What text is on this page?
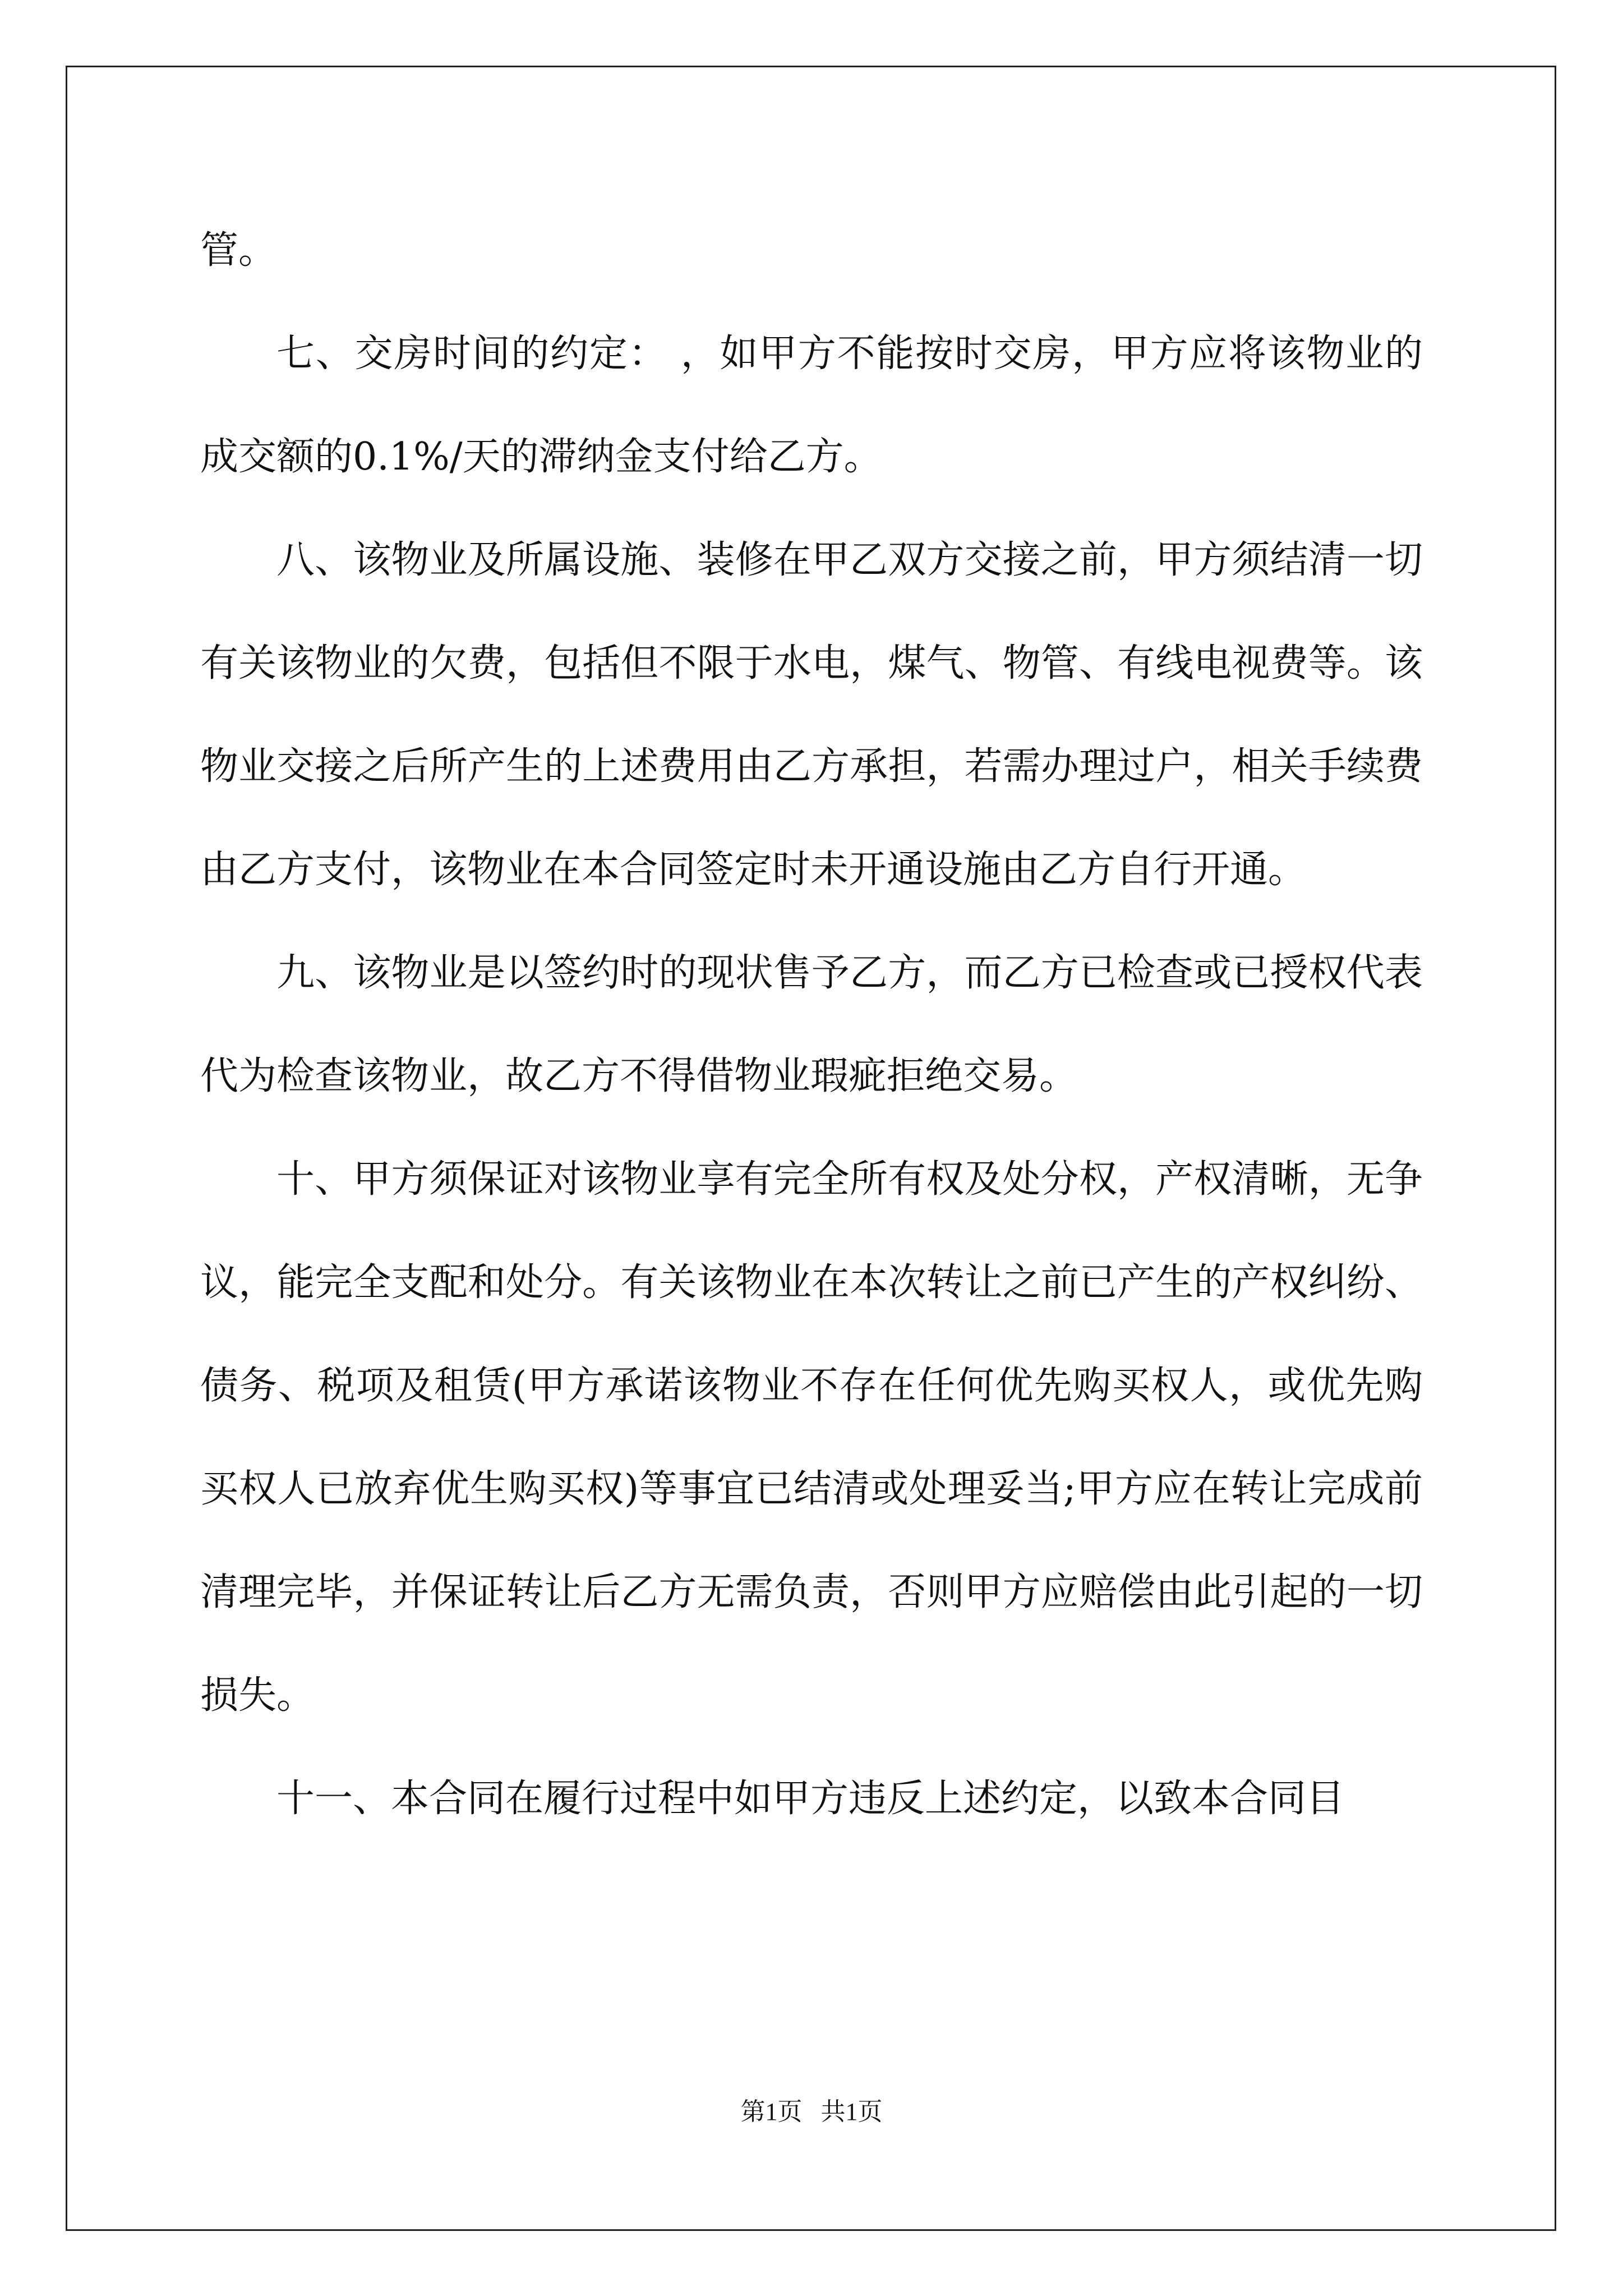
管。

七、交房时间的约定： ，如甲方不能按时交房，甲方应将该物业的成交额的0.1%/天的滞纳金支付给乙方。

八、该物业及所属设施、装修在甲乙双方交接之前，甲方须结清一切有关该物业的欠费，包括但不限于水电，煤气、物管、有线电视费等。该物业交接之后所产生的上述费用由乙方承担，若需办理过户，相关手续费由乙方支付，该物业在本合同签定时未开通设施由乙方自行开通。

九、该物业是以签约时的现状售予乙方，而乙方已检查或已授权代表代为检查该物业，故乙方不得借物业瑕疵拒绝交易。

十、甲方须保证对该物业享有完全所有权及处分权，产权清晰，无争议，能完全支配和处分。有关该物业在本次转让之前已产生的产权纠纷、债务、税项及租赁(甲方承诺该物业不存在任何优先购买权人，或优先购买权人已放弃优生购买权)等事宜已结清或处理妥当;甲方应在转让完成前清理完毕，并保证转让后乙方无需负责，否则甲方应赔偿由此引起的一切损失。

十一、本合同在履行过程中如甲方违反上述约定，以致本合同目

第1页   共1页
